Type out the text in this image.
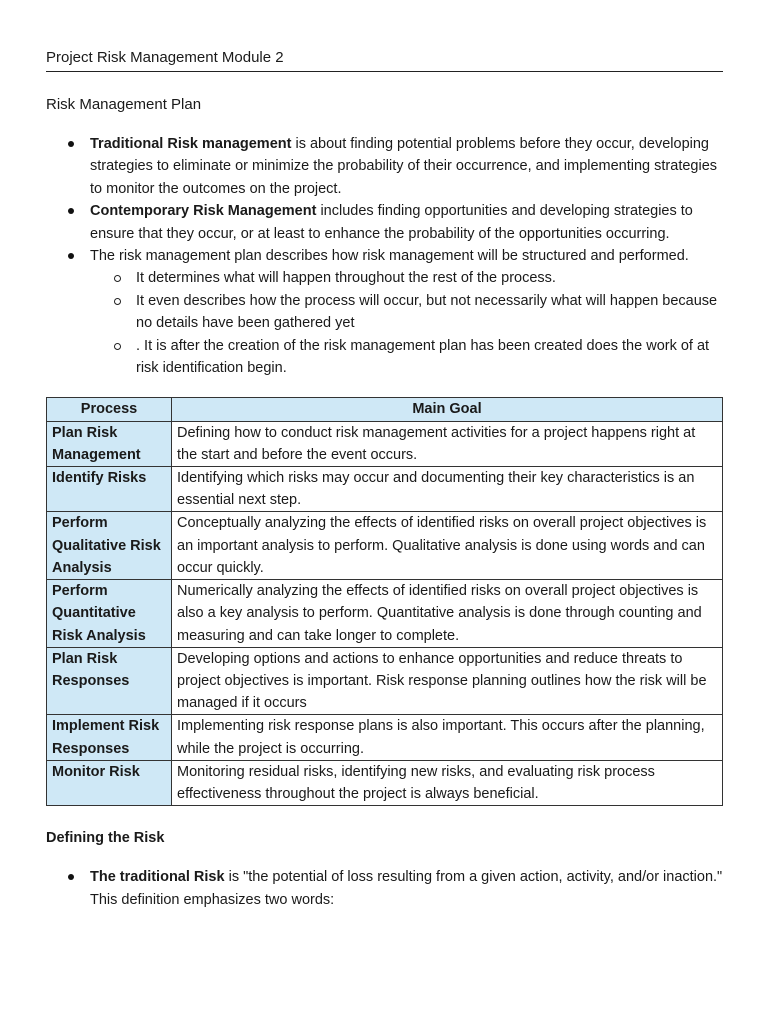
Project Risk Management Module 2
Risk Management Plan
Traditional Risk management is about finding potential problems before they occur, developing strategies to eliminate or minimize the probability of their occurrence, and implementing strategies to monitor the outcomes on the project.
Contemporary Risk Management includes finding opportunities and developing strategies to ensure that they occur, or at least to enhance the probability of the opportunities occurring.
The risk management plan describes how risk management will be structured and performed.
It determines what will happen throughout the rest of the process.
It even describes how the process will occur, but not necessarily what will happen because no details have been gathered yet
. It is after the creation of the risk management plan has been created does the work of at risk identification begin.
Process	Main Goal
Plan Risk Management	Defining how to conduct risk management activities for a project happens right at the start and before the event occurs.
Identify Risks	Identifying which risks may occur and documenting their key characteristics is an essential next step.
Perform Qualitative Risk Analysis	Conceptually analyzing the effects of identified risks on overall project objectives is an important analysis to perform. Qualitative analysis is done using words and can occur quickly.
Perform Quantitative Risk Analysis	Numerically analyzing the effects of identified risks on overall project objectives is also a key analysis to perform. Quantitative analysis is done through counting and measuring and can take longer to complete.
Plan Risk Responses	Developing options and actions to enhance opportunities and reduce threats to project objectives is important. Risk response planning outlines how the risk will be managed if it occurs
Implement Risk Responses	Implementing risk response plans is also important. This occurs after the planning, while the project is occurring.
Monitor Risk	Monitoring residual risks, identifying new risks, and evaluating risk process effectiveness throughout the project is always beneficial.
Defining the Risk
The traditional Risk is "the potential of loss resulting from a given action, activity, and/or inaction." This definition emphasizes two words:
